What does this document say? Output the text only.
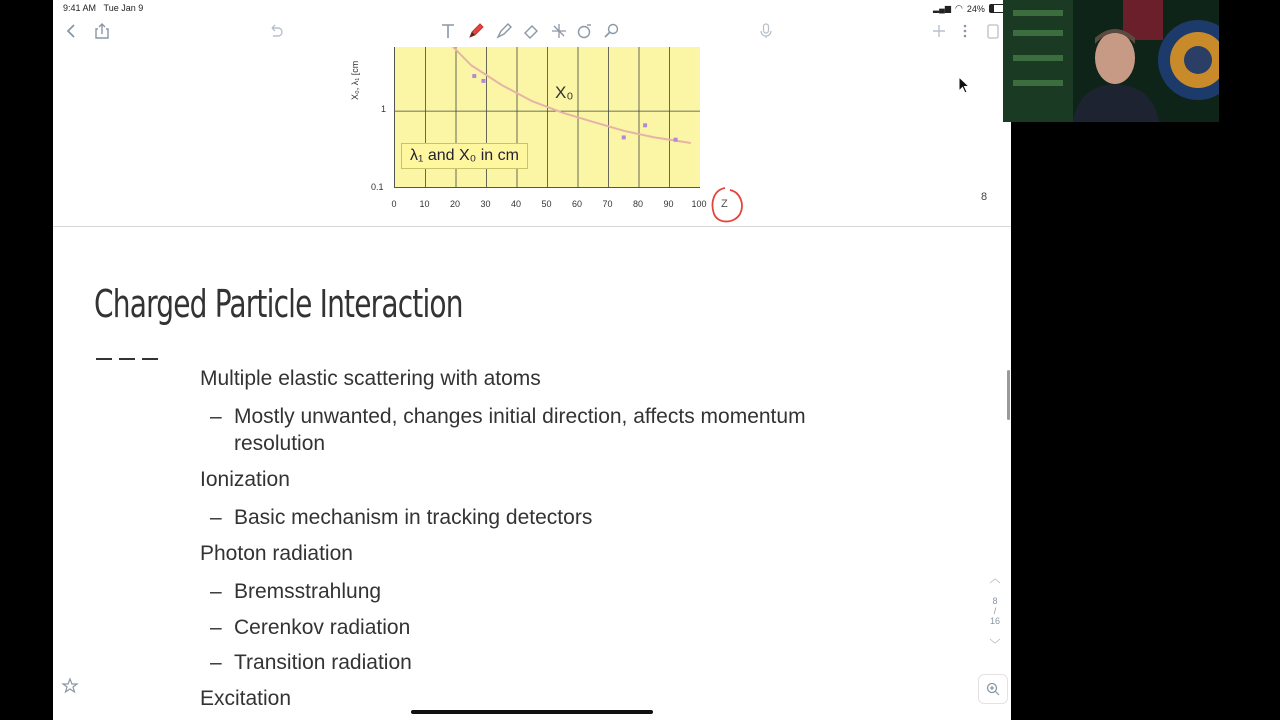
9:41 AM Tue Jan 9	▂▄▆ ◠ 24%
X₀, λ₁ [cm
1
0.1
X₀
λ₁ and X₀ in cm
0	10 20 30 40 50 60 70 80 90 100 Z
8
Charged Particle Interaction
Multiple elastic scattering with atoms
– Mostly unwanted, changes initial direction, affects momentum
resolution
Ionization
– Basic mechanism in tracking detectors
Photon radiation
– Bremsstrahlung
– Cerenkov radiation
– Transition radiation
Excitation
︿
8
/
16
﹀
